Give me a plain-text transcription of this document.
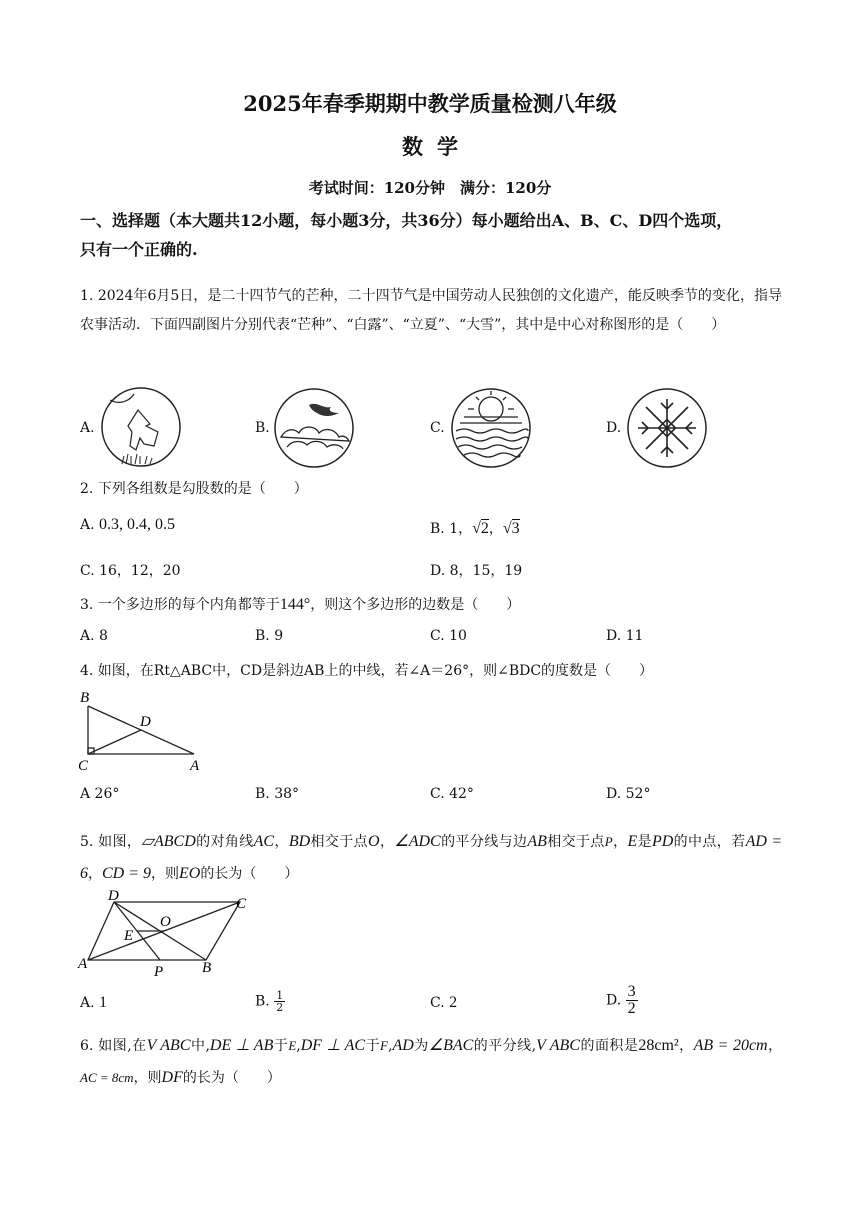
2025年春季期期中教学质量检测八年级
数学
考试时间：120分钟　满分：120分
一、选择题（本大题共12小题，每小题3分，共36分）每小题给出A、B、C、D四个选项，
只有一个正确的.
1. 2024年6月5日，是二十四节气的芒种，二十四节气是中国劳动人民独创的文化遗产，能反映季节的变化，指导农事活动．下面四副图片分别代表“芒种”、“白露”、“立夏”、“大雪”，其中是中心对称图形的是（　　）
A.	B.	C.	D.
2. 下列各组数是勾股数的是（　　）
A. 0.3, 0.4, 0.5	B. 1，√2，√3
C. 16，12，20	D. 8，15，19
3. 一个多边形的每个内角都等于144°，则这个多边形的边数是（　　）
A. 8	B. 9	C. 10	D. 11
4. 如图，在Rt△ABC中，CD是斜边AB上的中线，若∠A＝26°，则∠BDC的度数是（　　）
B
D
C	A
A 26°	B. 38°	C. 42°	D. 52°
5. 如图，▱ABCD的对角线AC，BD相交于点O，∠ADC的平分线与边AB相交于点P，E是PD的中点，若AD = 6，CD = 9，则EO的长为（　　）
D	C
O
E
A	P	B
A. 1	B. $\frac{1}{2}$	C. 2	D. $\frac{3}{2}$
6. 如图,在V ABC中,DE ⊥ AB于E,DF ⊥ AC于F,AD为∠BAC的平分线,V ABC的面积是28cm²，AB = 20cm，AC = 8cm，则DF的长为（　　）
